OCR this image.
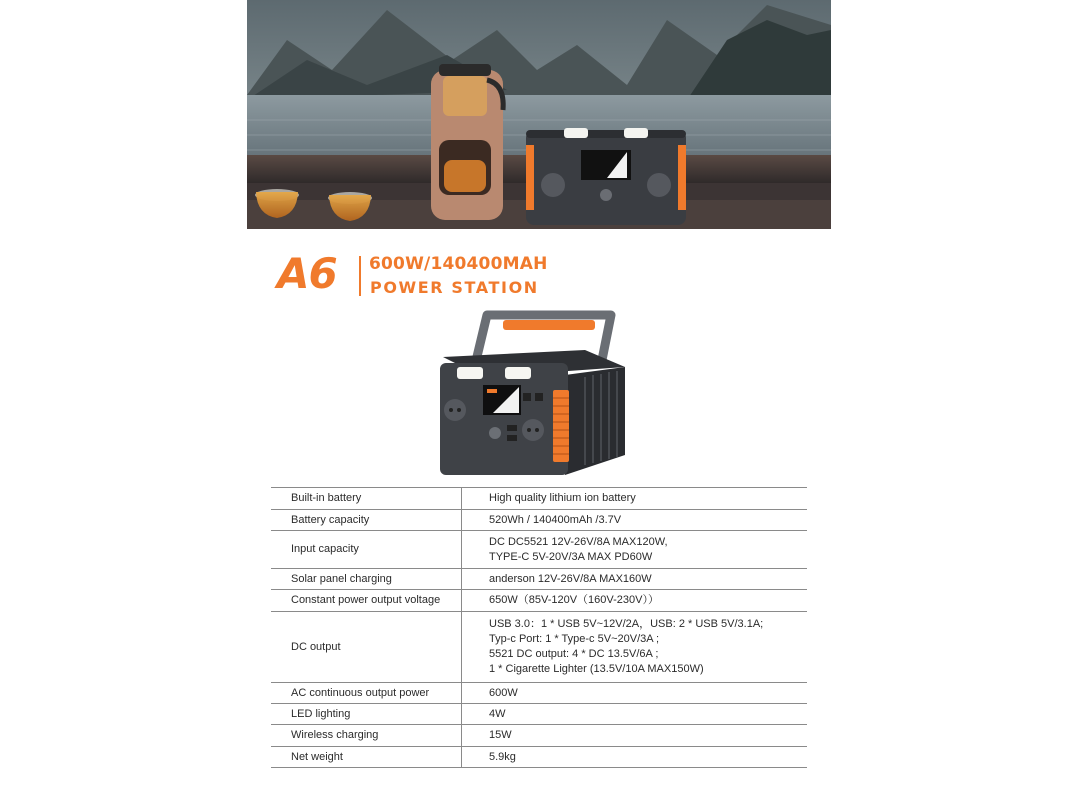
A6 600W/140400MAH
POWER STATION
Built-in battery	High quality lithium ion battery
Battery capacity	520Wh / 140400mAh /3.7V
Input capacity	DC DC5521 12V-26V/8A MAX120W,
TYPE-C 5V-20V/3A MAX PD60W
Solar panel charging	anderson 12V-26V/8A MAX160W
Constant power output voltage	650W（85V-120V（160V-230V））
DC output	USB 3.0：1 * USB 5V~12V/2A，USB: 2 * USB 5V/3.1A;
Typ-c Port: 1 * Type-c 5V~20V/3A ;
5521 DC output: 4 * DC 13.5V/6A ;
1 * Cigarette Lighter (13.5V/10A MAX150W)
AC continuous output power	600W
LED lighting	4W
Wireless charging	15W
Net weight	5.9kg
